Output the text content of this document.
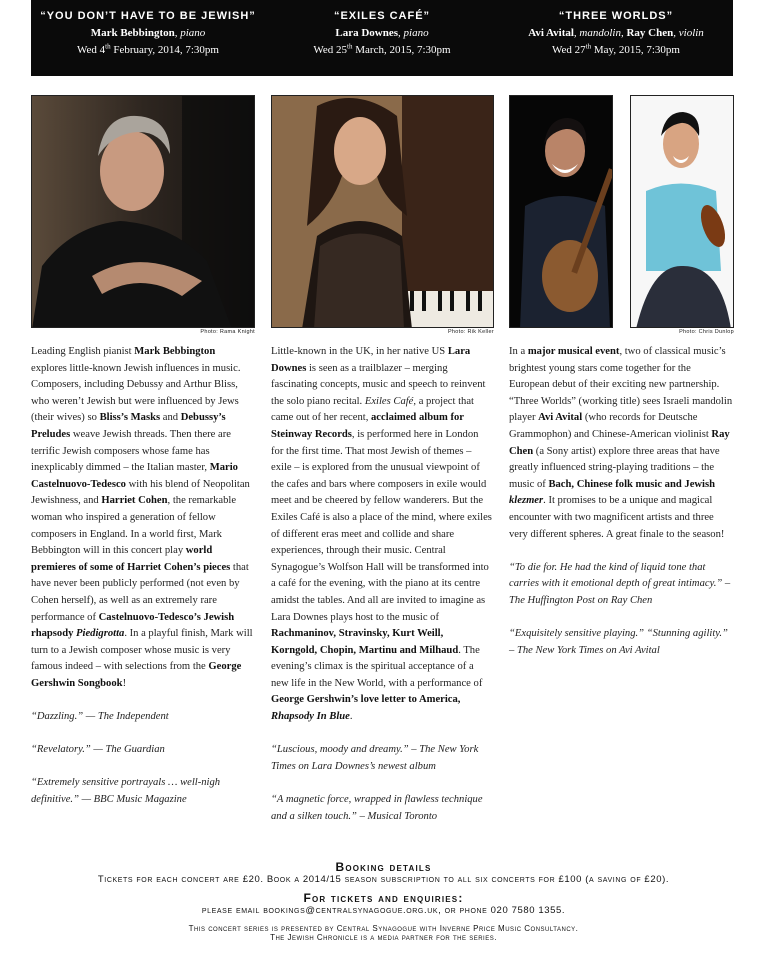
“YOU DON’T HAVE TO BE JEWISH”
Mark Bebbington, piano
Wed 4th February, 2014, 7:30pm
“EXILES CAFÉ”
Lara Downes, piano
Wed 25th March, 2015, 7:30pm
“THREE WORLDS”
Avi Avital, mandolin, Ray Chen, violin
Wed 27th May, 2015, 7:30pm
Photo: Rama Knight	Photo: Rik Keller	Photo: Chris Dunlop

Leading English pianist Mark Bebbington explores little-known Jewish influences in music. Composers, including Debussy and Arthur Bliss, who weren’t Jewish but were influenced by Jews (their wives) so Bliss’s Masks and Debussy’s Preludes weave Jewish threads. Then there are terrific Jewish composers whose fame has inexplicably dimmed – the Italian master, Mario Castelnuovo-Tedesco with his blend of Neopolitan Jewishness, and Harriet Cohen, the remarkable woman who inspired a generation of fellow composers in England. In a world first, Mark Bebbington will in this concert play world premieres of some of Harriet Cohen’s pieces that have never been publicly performed (not even by Cohen herself), as well as an extremely rare performance of Castelnuovo-Tedesco’s Jewish rhapsody Piedigrotta. In a playful finish, Mark will turn to a Jewish composer whose music is very famous indeed – with selections from the George Gershwin Songbook!

“Dazzling.” — The Independent

“Revelatory.” — The Guardian

“Extremely sensitive portrayals … well-nigh definitive.” — BBC Music Magazine

Little-known in the UK, in her native US Lara Downes is seen as a trailblazer – merging fascinating concepts, music and speech to reinvent the solo piano recital. Exiles Café, a project that came out of her recent, acclaimed album for Steinway Records, is performed here in London for the first time. That most Jewish of themes – exile – is explored from the unusual viewpoint of the cafes and bars where composers in exile would meet and be cheered by fellow wanderers. But the Exiles Café is also a place of the mind, where exiles of different eras meet and collide and share experiences, through their music. Central Synagogue’s Wolfson Hall will be transformed into a café for the evening, with the piano at its centre amidst the tables. And all are invited to imagine as Lara Downes plays host to the music of Rachmaninov, Stravinsky, Kurt Weill, Korngold, Chopin, Martinu and Milhaud. The evening’s climax is the spiritual acceptance of a new life in the New World, with a performance of George Gershwin’s love letter to America, Rhapsody In Blue.

“Luscious, moody and dreamy.” – The New York Times on Lara Downes’s newest album

“A magnetic force, wrapped in flawless technique and a silken touch.” – Musical Toronto

In a major musical event, two of classical music’s brightest young stars come together for the European debut of their exciting new partnership. “Three Worlds” (working title) sees Israeli mandolin player Avi Avital (who records for Deutsche Grammophon) and Chinese-American violinist Ray Chen (a Sony artist) explore three areas that have greatly influenced string-playing traditions – the music of Bach, Chinese folk music and Jewish klezmer. It promises to be a unique and magical encounter with two magnificent artists and three very different spheres. A great finale to the season!

“To die for. He had the kind of liquid tone that carries with it emotional depth of great intimacy.” – The Huffington Post on Ray Chen

“Exquisitely sensitive playing.” “Stunning agility.” – The New York Times on Avi Avital

Booking details
Tickets for each concert are £20. Book a 2014/15 season subscription to all six concerts for £100 (a saving of £20).
For tickets and enquiries:
please email bookings@centralsynagogue.org.uk, or phone 020 7580 1355.
This concert series is presented by Central Synagogue with Inverne Price Music Consultancy.
The Jewish Chronicle is a media partner for the series.
